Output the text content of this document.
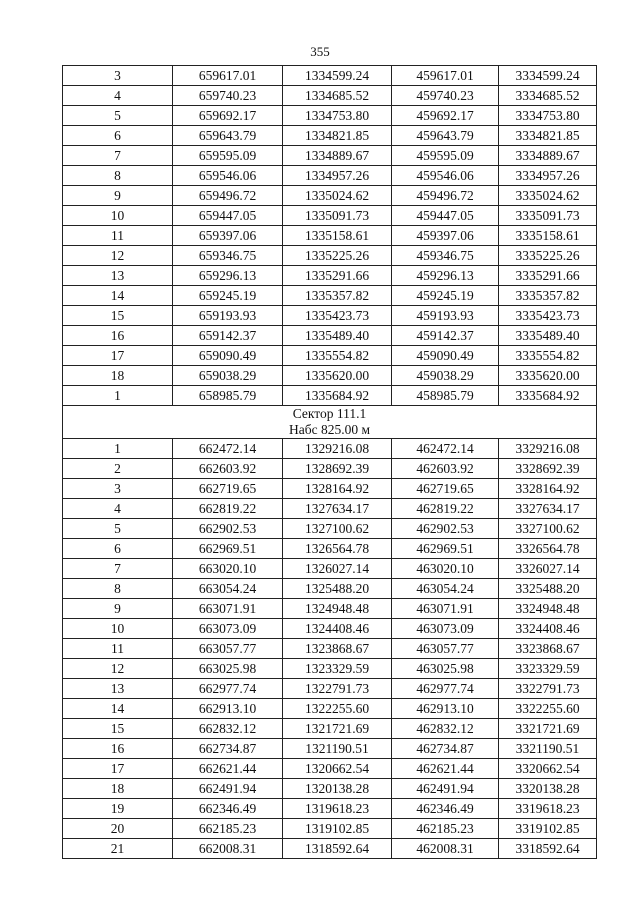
355
3	659617.01	1334599.24	459617.01	3334599.24
4	659740.23	1334685.52	459740.23	3334685.52
5	659692.17	1334753.80	459692.17	3334753.80
6	659643.79	1334821.85	459643.79	3334821.85
7	659595.09	1334889.67	459595.09	3334889.67
8	659546.06	1334957.26	459546.06	3334957.26
9	659496.72	1335024.62	459496.72	3335024.62
10	659447.05	1335091.73	459447.05	3335091.73
11	659397.06	1335158.61	459397.06	3335158.61
12	659346.75	1335225.26	459346.75	3335225.26
13	659296.13	1335291.66	459296.13	3335291.66
14	659245.19	1335357.82	459245.19	3335357.82
15	659193.93	1335423.73	459193.93	3335423.73
16	659142.37	1335489.40	459142.37	3335489.40
17	659090.49	1335554.82	459090.49	3335554.82
18	659038.29	1335620.00	459038.29	3335620.00
1	658985.79	1335684.92	458985.79	3335684.92

Сектор 111.1
Набс 825.00 м				

1	662472.14	1329216.08	462472.14	3329216.08
2	662603.92	1328692.39	462603.92	3328692.39
3	662719.65	1328164.92	462719.65	3328164.92
4	662819.22	1327634.17	462819.22	3327634.17
5	662902.53	1327100.62	462902.53	3327100.62
6	662969.51	1326564.78	462969.51	3326564.78
7	663020.10	1326027.14	463020.10	3326027.14
8	663054.24	1325488.20	463054.24	3325488.20
9	663071.91	1324948.48	463071.91	3324948.48
10	663073.09	1324408.46	463073.09	3324408.46
11	663057.77	1323868.67	463057.77	3323868.67
12	663025.98	1323329.59	463025.98	3323329.59
13	662977.74	1322791.73	462977.74	3322791.73
14	662913.10	1322255.60	462913.10	3322255.60
15	662832.12	1321721.69	462832.12	3321721.69
16	662734.87	1321190.51	462734.87	3321190.51
17	662621.44	1320662.54	462621.44	3320662.54
18	662491.94	1320138.28	462491.94	3320138.28
19	662346.49	1319618.23	462346.49	3319618.23
20	662185.23	1319102.85	462185.23	3319102.85
21	662008.31	1318592.64	462008.31	3318592.64
